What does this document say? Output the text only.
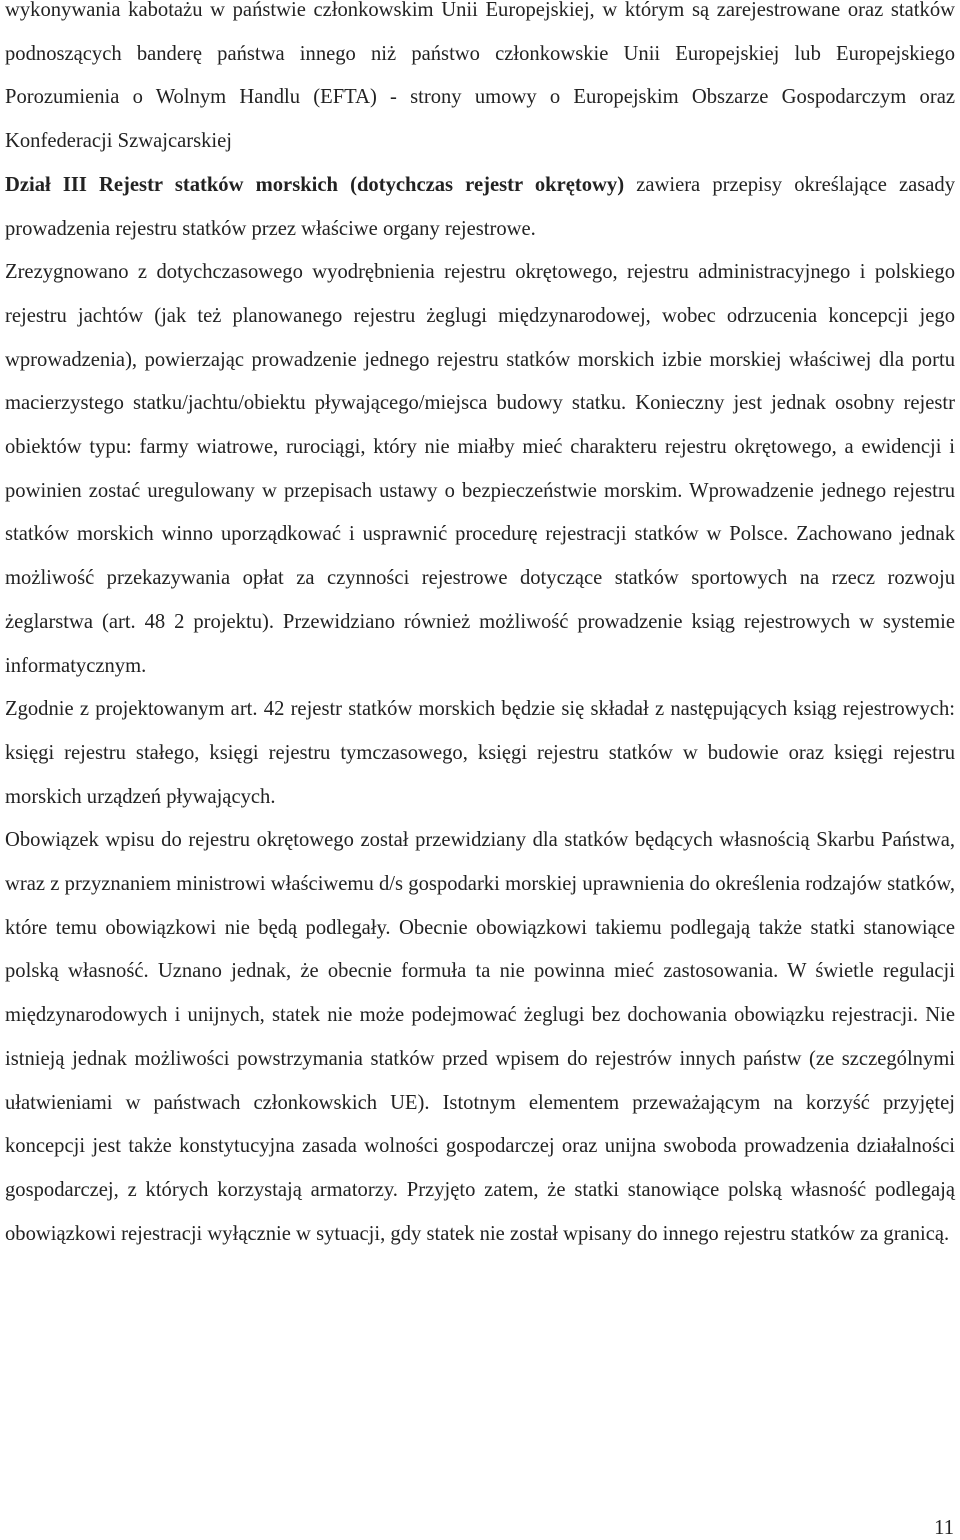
wykonywania kabotażu w państwie członkowskim Unii Europejskiej, w którym są zarejestrowane oraz statków podnoszących banderę państwa innego niż państwo członkowskie Unii Europejskiej lub Europejskiego Porozumienia o Wolnym Handlu (EFTA) - strony umowy o Europejskim Obszarze Gospodarczym oraz Konfederacji Szwajcarskiej

Dział III Rejestr statków morskich (dotychczas rejestr okrętowy) zawiera przepisy określające zasady prowadzenia rejestru statków przez właściwe organy rejestrowe.

Zrezygnowano z dotychczasowego wyodrębnienia rejestru okrętowego, rejestru administracyjnego i polskiego rejestru jachtów (jak też planowanego rejestru żeglugi międzynarodowej, wobec odrzucenia koncepcji jego wprowadzenia), powierzając prowadzenie jednego rejestru statków morskich izbie morskiej właściwej dla portu macierzystego statku/jachtu/obiektu pływającego/miejsca budowy statku. Konieczny jest jednak osobny rejestr obiektów typu: farmy wiatrowe, rurociągi, który nie miałby mieć charakteru rejestru okrętowego, a ewidencji i powinien zostać uregulowany w przepisach ustawy o bezpieczeństwie morskim. Wprowadzenie jednego rejestru statków morskich winno uporządkować i usprawnić procedurę rejestracji statków w Polsce. Zachowano jednak możliwość przekazywania opłat za czynności rejestrowe dotyczące statków sportowych na rzecz rozwoju żeglarstwa (art. 48 2 projektu). Przewidziano również możliwość prowadzenie ksiąg rejestrowych w systemie informatycznym.

Zgodnie z projektowanym art. 42 rejestr statków morskich będzie się składał z następujących ksiąg rejestrowych: księgi rejestru stałego, księgi rejestru tymczasowego, księgi rejestru statków w budowie oraz księgi rejestru morskich urządzeń pływających.

Obowiązek wpisu do rejestru okrętowego został przewidziany dla statków będących własnością Skarbu Państwa, wraz z przyznaniem ministrowi właściwemu d/s gospodarki morskiej uprawnienia do określenia rodzajów statków, które temu obowiązkowi nie będą podlegały. Obecnie obowiązkowi takiemu podlegają także statki stanowiące polską własność. Uznano jednak, że obecnie formuła ta nie powinna mieć zastosowania. W świetle regulacji międzynarodowych i unijnych, statek nie może podejmować żeglugi bez dochowania obowiązku rejestracji. Nie istnieją jednak możliwości powstrzymania statków przed wpisem do rejestrów innych państw (ze szczególnymi ułatwieniami w państwach członkowskich UE). Istotnym elementem przeważającym na korzyść przyjętej koncepcji jest także konstytucyjna zasada wolności gospodarczej oraz unijna swoboda prowadzenia działalności gospodarczej, z których korzystają armatorzy. Przyjęto zatem, że statki stanowiące polską własność podlegają obowiązkowi rejestracji wyłącznie w sytuacji, gdy statek nie został wpisany do innego rejestru statków za granicą.

11
